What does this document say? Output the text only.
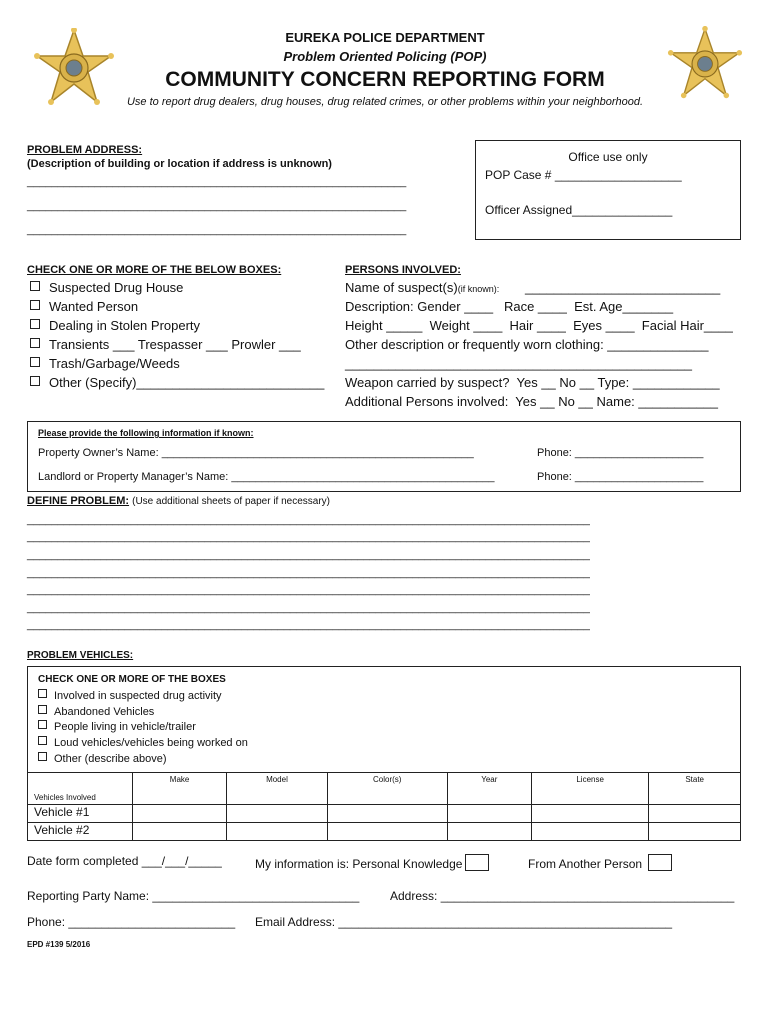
EUREKA POLICE DEPARTMENT
Problem Oriented Policing (POP)
COMMUNITY CONCERN REPORTING FORM
Use to report drug dealers, drug houses, drug related crimes, or other problems within your neighborhood.
PROBLEM ADDRESS:
(Description of building or location if address is unknown)
______________________________________________________________
______________________________________________________________
______________________________________________________________
Office use only
POP Case # ___________________
Officer Assigned_______________
CHECK ONE OR MORE OF THE BELOW BOXES:
Suspected Drug House
Wanted Person
Dealing in Stolen Property
Transients ___ Trespasser ___ Prowler ___
Trash/Garbage/Weeds
Other (Specify)__________________________
PERSONS INVOLVED:
Name of suspect(s)(if known): ___________________________
Description: Gender ____   Race ____  Est. Age_______
Height _____  Weight ____  Hair ____  Eyes ____  Facial Hair____
Other description or frequently worn clothing: ______________
________________________________________________
Weapon carried by suspect?  Yes __ No __ Type: ____________
Additional Persons involved:  Yes __ No __ Name: ___________
Please provide the following information if known:
Property Owner’s Name: ___________________________________________________	Phone: _____________________
Landlord or Property Manager’s Name: ___________________________________________	Phone: _____________________
DEFINE PROBLEM: (Use additional sheets of paper if necessary)
____________________________________________________________________________________________
____________________________________________________________________________________________
____________________________________________________________________________________________
____________________________________________________________________________________________
____________________________________________________________________________________________
____________________________________________________________________________________________
____________________________________________________________________________________________
PROBLEM VEHICLES:
CHECK ONE OR MORE OF THE BOXES
Involved in suspected drug activity
Abandoned Vehicles
People living in vehicle/trailer
Loud vehicles/vehicles being worked on
Other (describe above)
Vehicles Involved	Make	Model	Color(s)	Year	License	State
Vehicle #1						
Vehicle #2						
Date form completed ___/___/_____	My information is: Personal Knowledge	From Another Person
Reporting Party Name: _______________________________	Address: ____________________________________________
Phone: _________________________ Email Address: __________________________________________________
EPD #139 5/2016
